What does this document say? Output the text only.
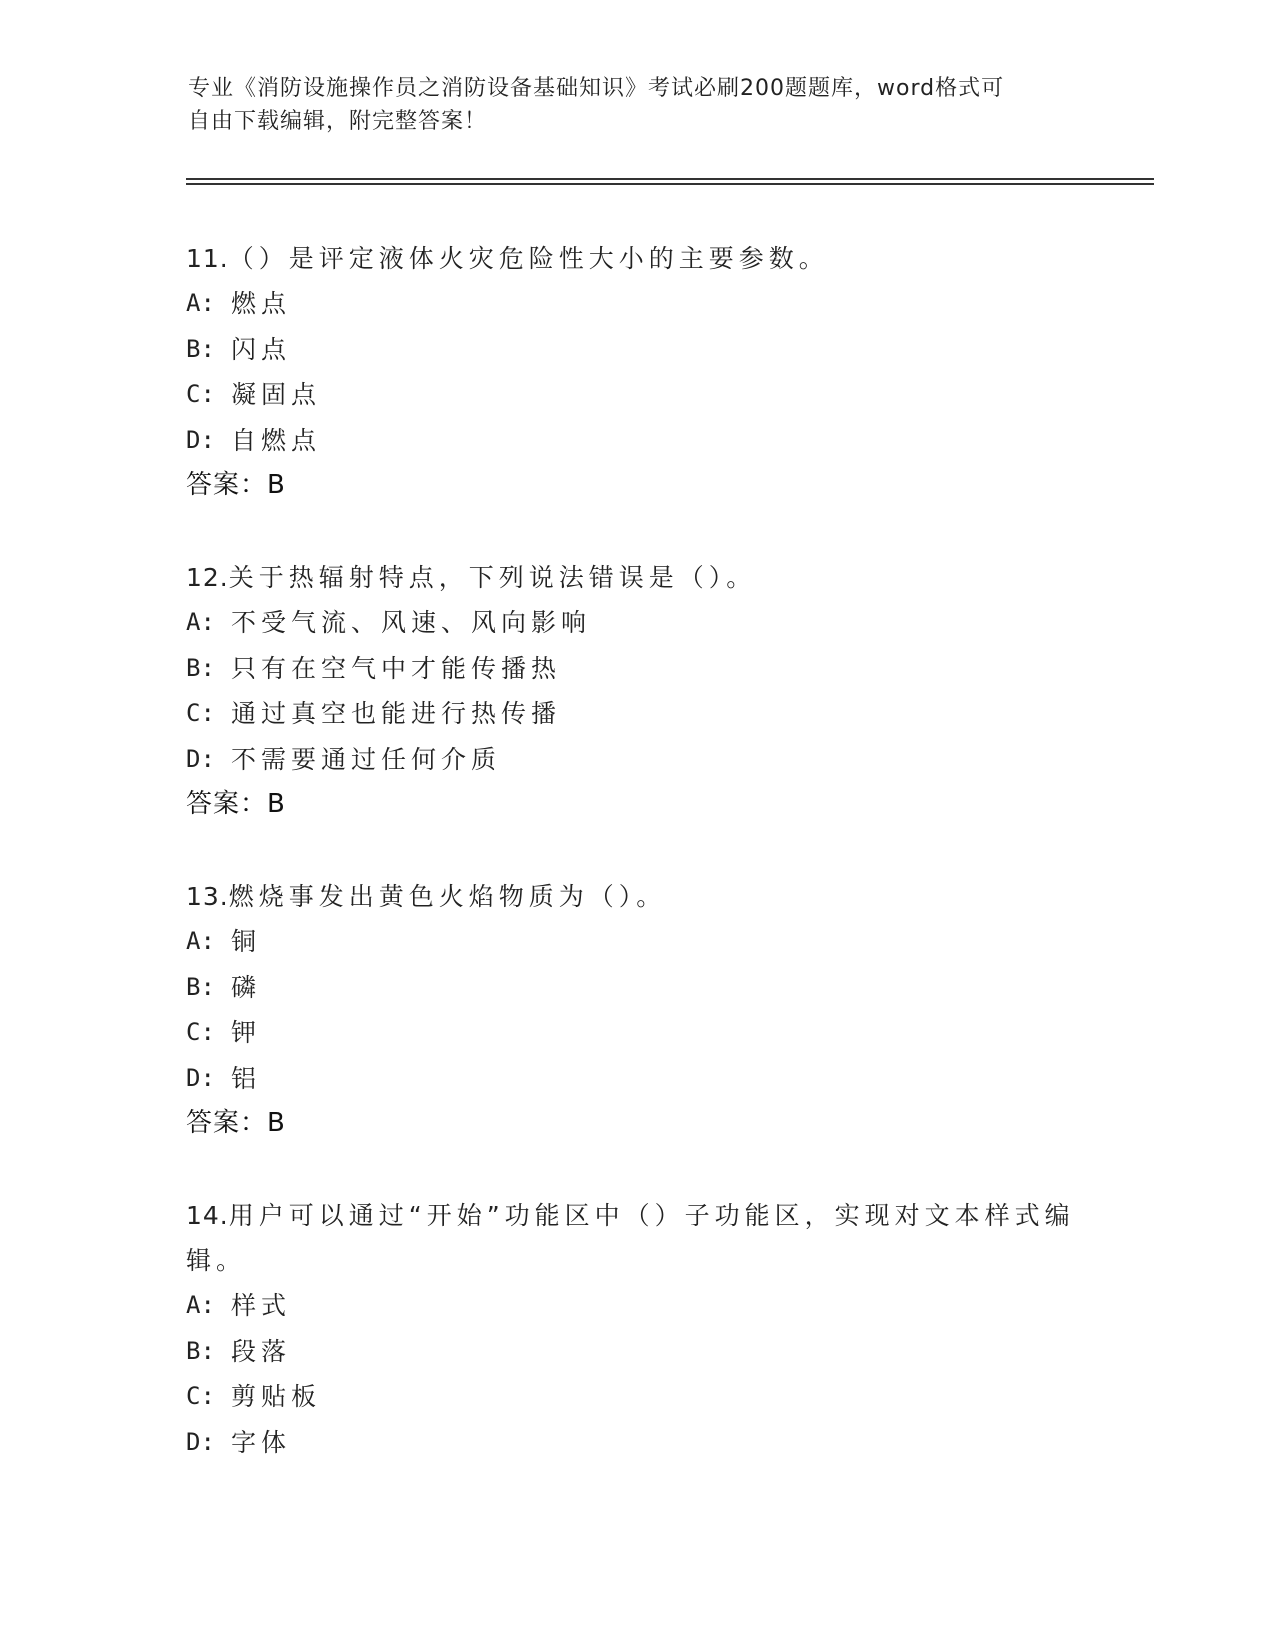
专业《消防设施操作员之消防设备基础知识》考试必刷200题题库，word格式可
自由下载编辑，附完整答案！
11.（）是评定液体火灾危险性大小的主要参数。
A: 燃点
B: 闪点
C: 凝固点
D: 自燃点
答案：B
12.关于热辐射特点，下列说法错误是（）。
A: 不受气流、风速、风向影响
B: 只有在空气中才能传播热
C: 通过真空也能进行热传播
D: 不需要通过任何介质
答案：B
13.燃烧事发出黄色火焰物质为（）。
A: 铜
B: 磷
C: 钾
D: 铝
答案：B
14.用户可以通过“开始”功能区中（）子功能区，实现对文本样式编辑。
A: 样式
B: 段落
C: 剪贴板
D: 字体
